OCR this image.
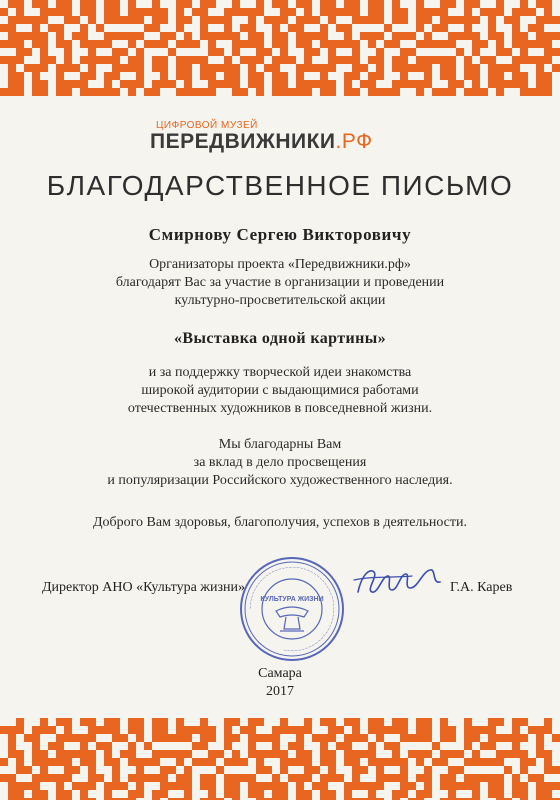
ЦИФРОВОЙ МУЗЕЙ
ПЕРЕДВИЖНИКИ.РФ
БЛАГОДАРСТВЕННОЕ ПИСЬМО
Смирнову Сергею Викторовичу
Организаторы проекта «Передвижники.рф»
благодарят Вас за участие в организации и проведении
культурно-просветительской акции
«Выставка одной картины»
и за поддержку творческой идеи знакомства
широкой аудитории с выдающимися работами
отечественных художников в повседневной жизни.
Мы благодарны Вам
за вклад в дело просвещения
и популяризации Российского художественного наследия.
Доброго Вам здоровья, благополучия, успехов в деятельности.
Директор АНО «Культура жизни»
~~~~~~~~~~~~~~~~~~~~~~~~~~~~~~~~~~~~~~~~~~~~~~~~~~~~~~~~
КУЛЬТУРА ЖИЗНИ
Г.А. Карев
Самара
2017
